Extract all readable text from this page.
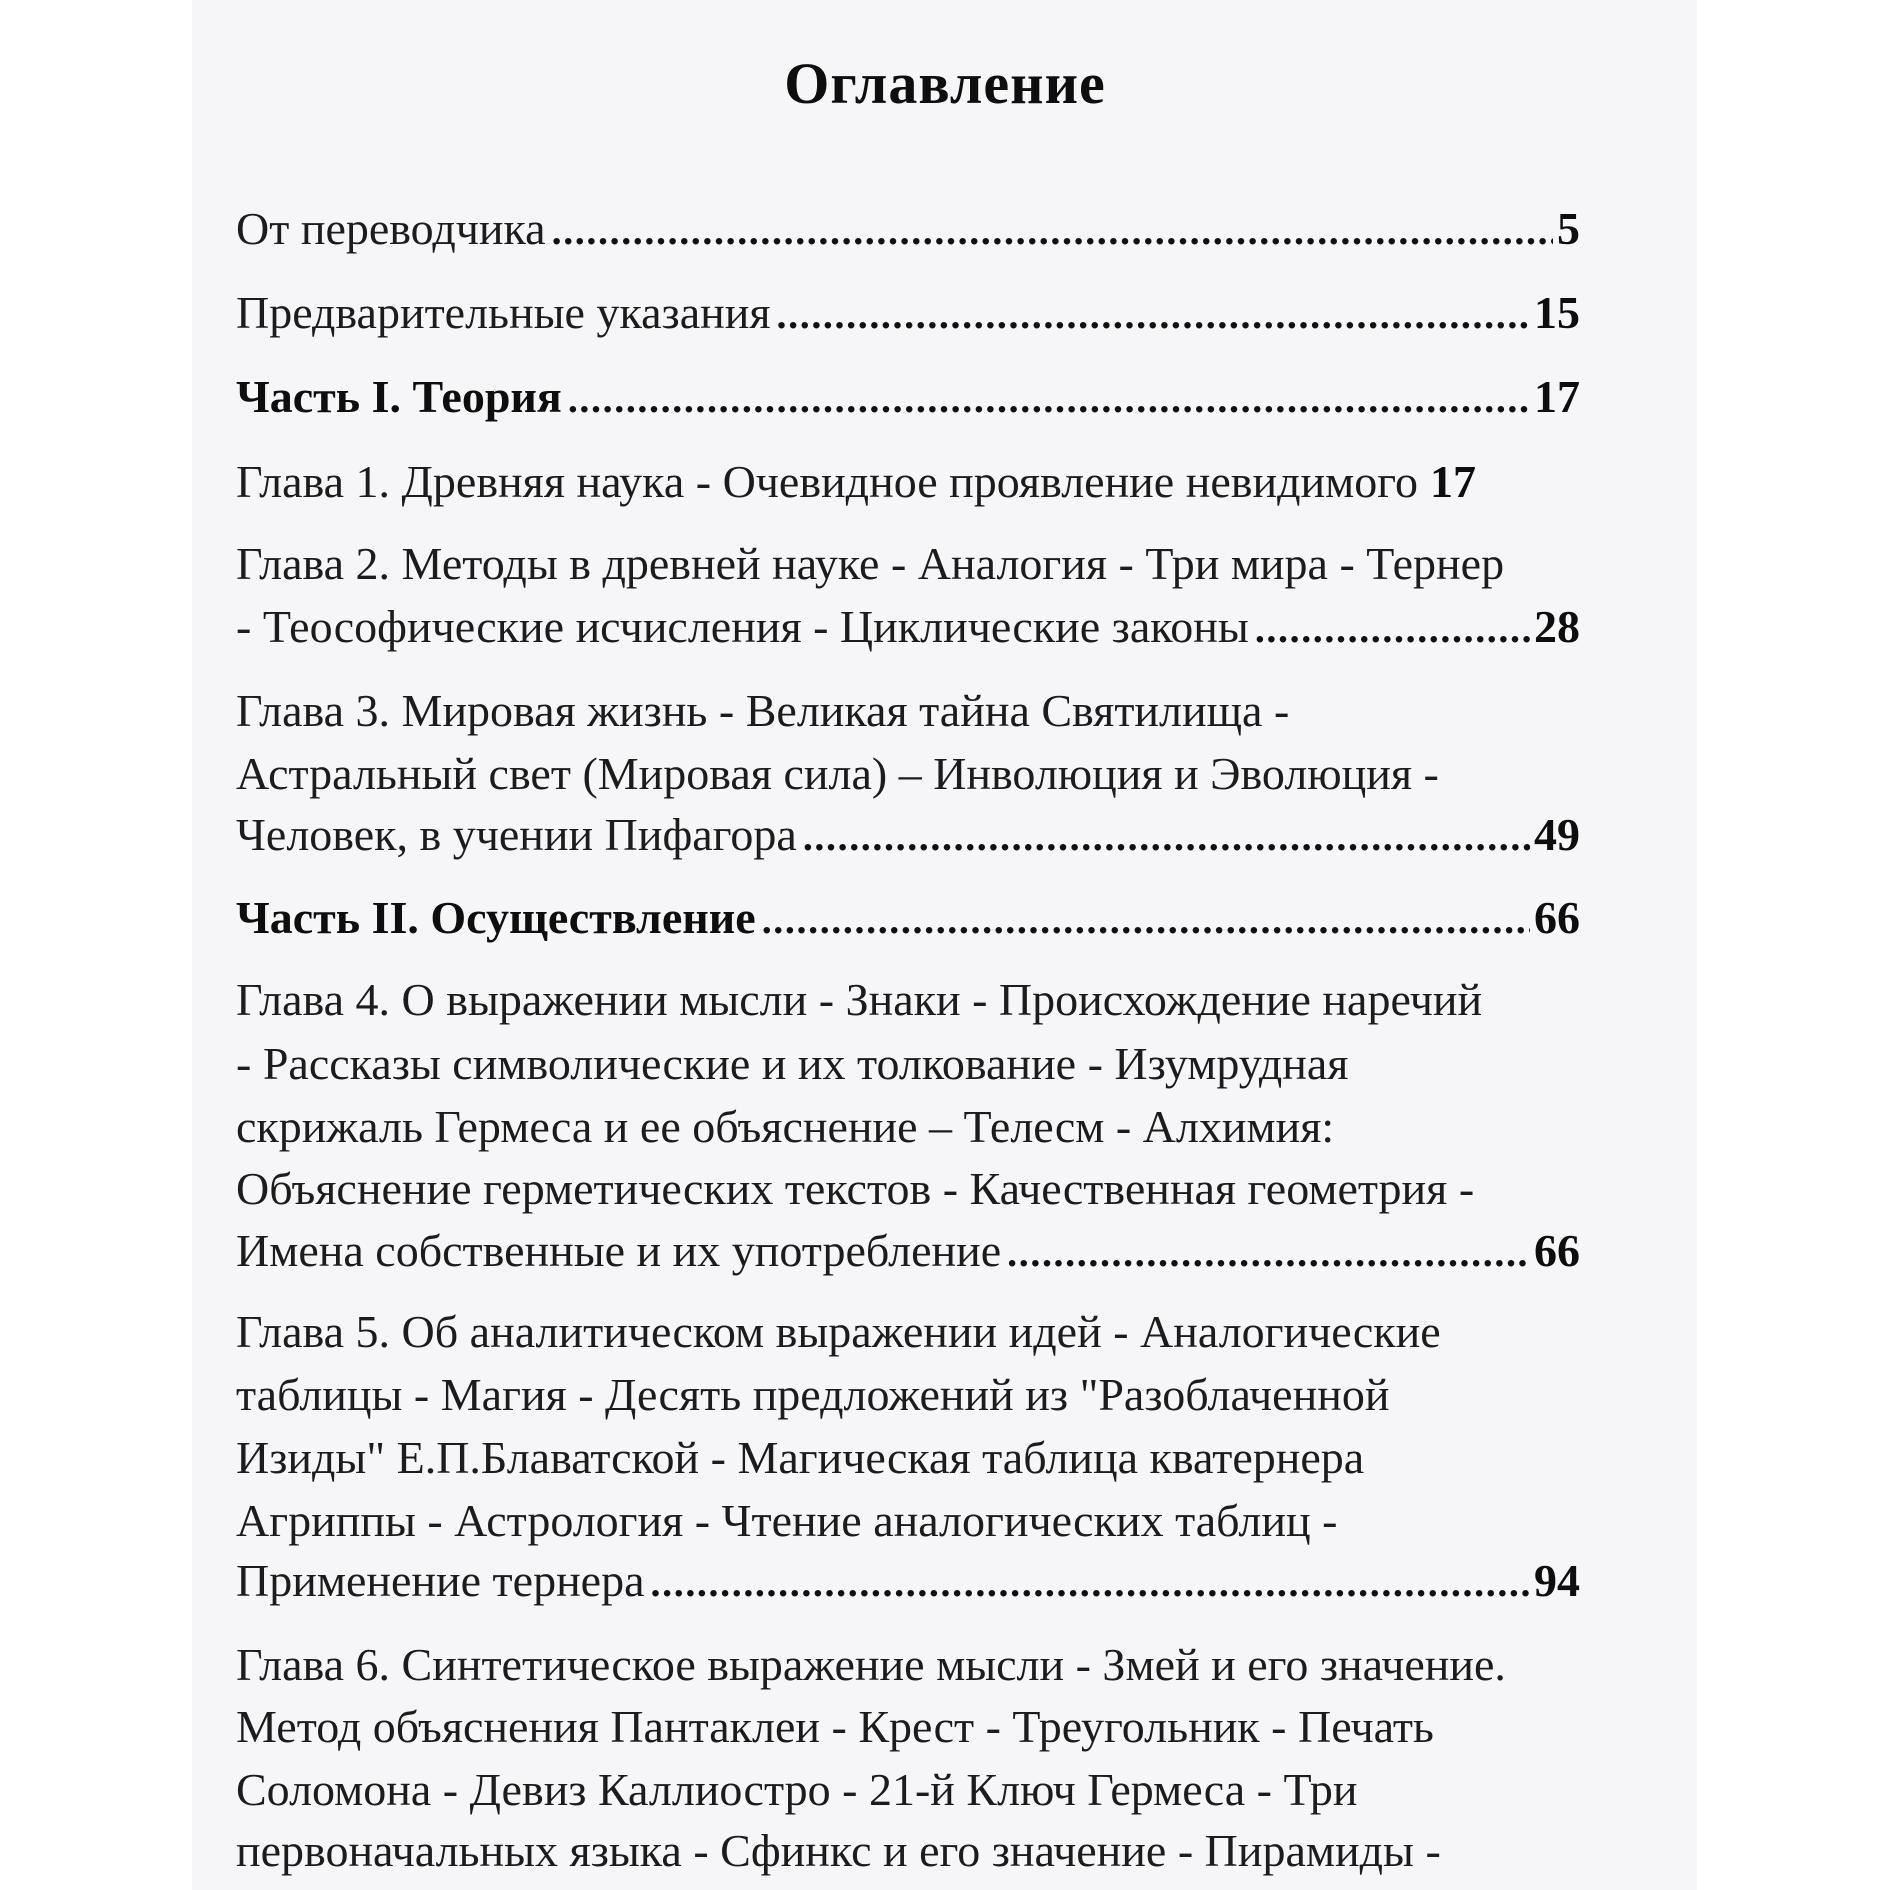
Оглавление
От переводчика .....	5
Предварительные указания .....	15
Часть I. Теория .....	17
Глава 1. Древняя наука - Очевидное проявление невидимого 17
Глава 2. Методы в древней науке - Аналогия - Три мира - Тернер
- Теософические исчисления - Циклические законы .....	28
Глава 3. Мировая жизнь - Великая тайна Святилища -
Астральный свет (Мировая сила) – Инволюция и Эволюция -
Человек, в учении Пифагора .....	49
Часть II. Осуществление .....	66
Глава 4. О выражении мысли - Знаки - Происхождение наречий
- Рассказы символические и их толкование - Изумрудная
скрижаль Гермеса и ее объяснение – Телесм - Алхимия:
Объяснение герметических текстов - Качественная геометрия -
Имена собственные и их употребление .....	66
Глава 5. Об аналитическом выражении идей - Аналогические
таблицы - Магия - Десять предложений из "Разоблаченной
Изиды" Е.П.Блаватской - Магическая таблица кватернера
Агриппы - Астрология - Чтение аналогических таблиц -
Применение тернера .....	94
Глава 6. Синтетическое выражение мысли - Змей и его значение.
Метод объяснения Пантаклеи - Крест - Треугольник - Печать
Соломона - Девиз Каллиостро - 21-й Ключ Гермеса - Три
первоначальных языка - Сфинкс и его значение - Пирамиды -
